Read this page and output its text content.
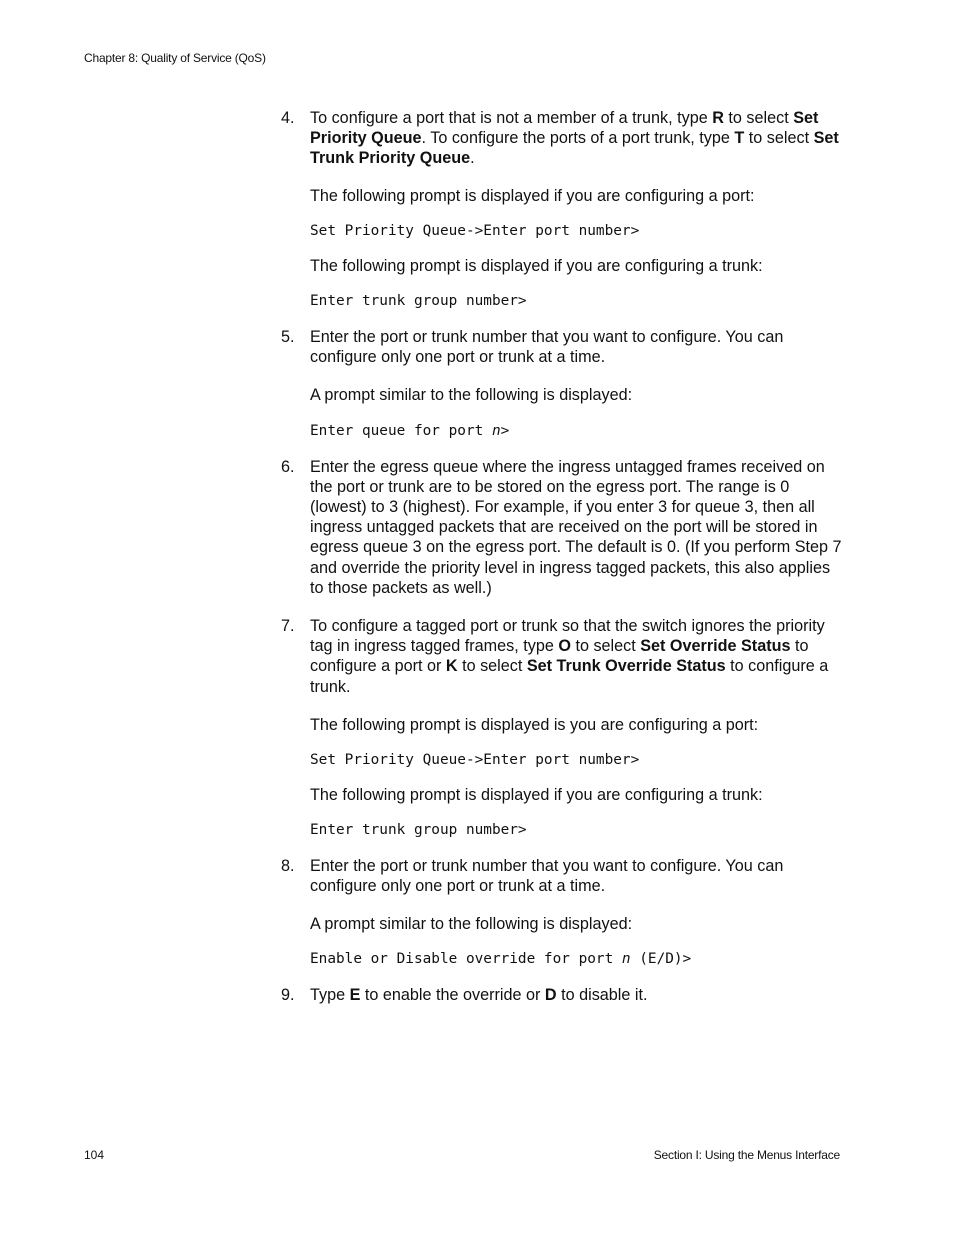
Chapter 8: Quality of Service (QoS)
4. To configure a port that is not a member of a trunk, type R to select Set Priority Queue. To configure the ports of a port trunk, type T to select Set Trunk Priority Queue.
The following prompt is displayed if you are configuring a port:
Set Priority Queue->Enter port number>
The following prompt is displayed if you are configuring a trunk:
Enter trunk group number>
5. Enter the port or trunk number that you want to configure. You can configure only one port or trunk at a time.
A prompt similar to the following is displayed:
Enter queue for port n>
6. Enter the egress queue where the ingress untagged frames received on the port or trunk are to be stored on the egress port. The range is 0 (lowest) to 3 (highest). For example, if you enter 3 for queue 3, then all ingress untagged packets that are received on the port will be stored in egress queue 3 on the egress port. The default is 0. (If you perform Step 7 and override the priority level in ingress tagged packets, this also applies to those packets as well.)
7. To configure a tagged port or trunk so that the switch ignores the priority tag in ingress tagged frames, type O to select Set Override Status to configure a port or K to select Set Trunk Override Status to configure a trunk.
The following prompt is displayed is you are configuring a port:
Set Priority Queue->Enter port number>
The following prompt is displayed if you are configuring a trunk:
Enter trunk group number>
8. Enter the port or trunk number that you want to configure. You can configure only one port or trunk at a time.
A prompt similar to the following is displayed:
Enable or Disable override for port n (E/D)>
9. Type E to enable the override or D to disable it.
104	Section I: Using the Menus Interface
